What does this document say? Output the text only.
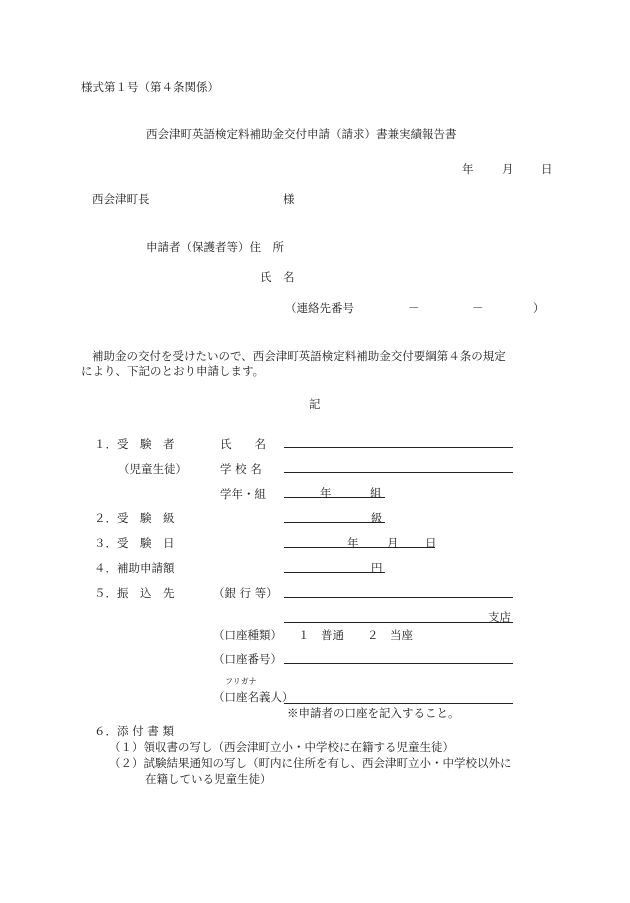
様式第１号（第４条関係）
西会津町英語検定料補助金交付申請（請求）書兼実績報告書
年 月 日
西会津町長	様
申請者（保護者等）住　所
氏　名
（連絡先番号	－	－	）
補助金の交付を受けたいので、西会津町英語検定料補助金交付要綱第４条の規定
により、下記のとおり申請します。
記
１．受　験　者	氏　　名
（児童生徒）	学 校 名
学年・組	年	組
２．受　験　級	級
３．受　験　日	年 月 日
４．補助申請額	円
５．振　込　先	（銀 行 等）
支店
（口座種類） １　普通　　２　当座
（口座番号）
フリガナ
（口座名義人）
※申請者の口座を記入すること。
６．添 付 書 類
（１）領収書の写し（西会津町立小・中学校に在籍する児童生徒）
（２）試験結果通知の写し（町内に住所を有し、西会津町立小・中学校以外に
在籍している児童生徒）
